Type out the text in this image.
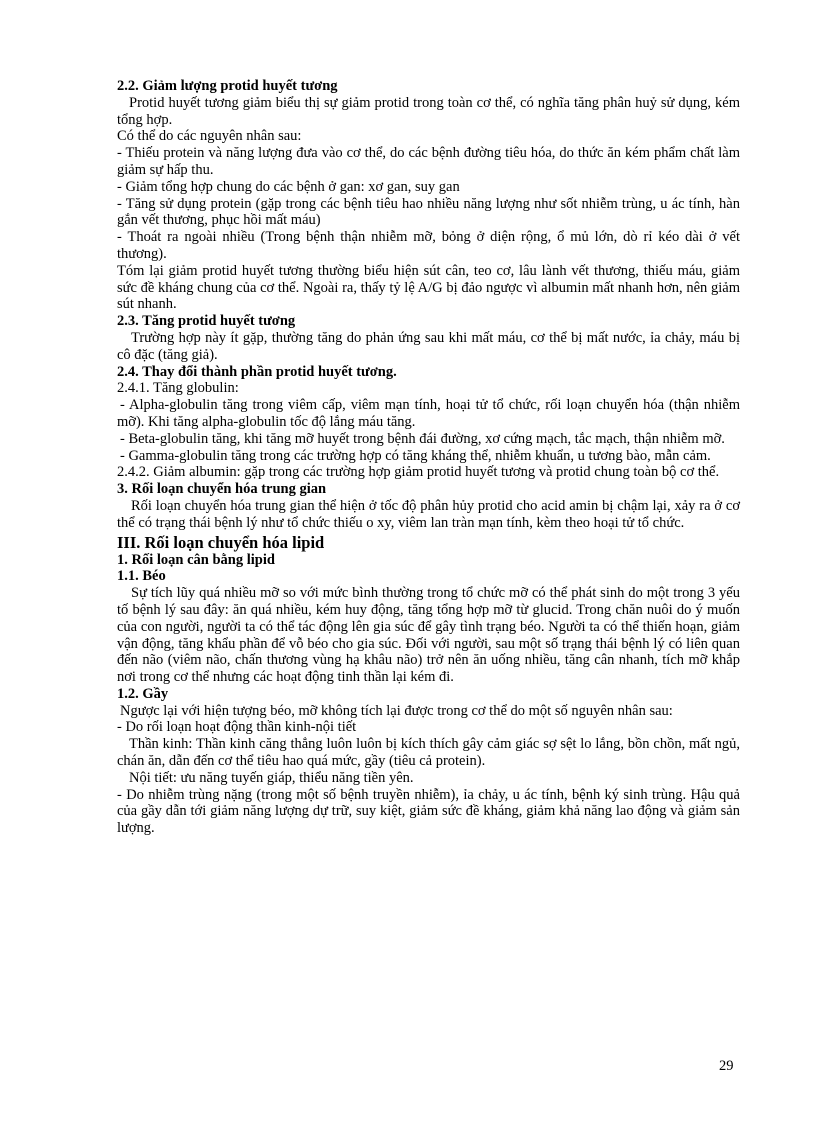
2.2. Giảm lượng protid huyết tương

Protid huyết tương giảm biểu thị sự giảm protid trong toàn cơ thể, có nghĩa tăng phân huỷ sử dụng, kém tổng hợp.

Có thể do các nguyên nhân sau:

- Thiếu protein và năng lượng đưa vào cơ thể, do các bệnh đường tiêu hóa, do thức ăn kém phẩm chất làm giảm sự hấp thu.

- Giảm tổng hợp chung do các bệnh ở gan: xơ gan, suy gan

- Tăng sử dụng protein (gặp trong các bệnh tiêu hao nhiều năng lượng như sốt nhiễm trùng, u ác tính, hàn gắn vết thương, phục hồi mất máu)

- Thoát ra ngoài nhiều (Trong bệnh thận nhiễm mỡ, bỏng ở diện rộng, ổ mủ lớn, dò rỉ kéo dài ở vết thương).

Tóm lại giảm protid huyết tương thường biểu hiện sút cân, teo cơ, lâu lành vết thương, thiếu máu, giảm sức đề kháng chung của cơ thể. Ngoài ra, thấy tỷ lệ A/G bị đảo ngược vì albumin mất nhanh hơn, nên giảm sút nhanh.

2.3. Tăng protid huyết tương

Trường hợp này ít gặp, thường tăng do phản ứng sau khi mất máu, cơ thể bị mất nước, ỉa chảy, máu bị cô đặc (tăng giả).

2.4. Thay đổi thành phần protid huyết tương.

2.4.1. Tăng globulin:

- Alpha-globulin tăng trong viêm cấp, viêm mạn tính, hoại tử tổ chức, rối loạn chuyển hóa (thận nhiễm mỡ). Khi tăng alpha-globulin tốc độ lắng máu tăng.

- Beta-globulin tăng, khi tăng mỡ huyết trong bệnh đái đường, xơ cứng mạch, tắc mạch, thận nhiễm mỡ.

- Gamma-globulin tăng trong các trường hợp có tăng kháng thể, nhiễm khuẩn, u tương bào, mẫn cảm.

2.4.2. Giảm albumin: gặp trong các trường hợp giảm protid huyết tương và protid chung toàn bộ cơ thể.

3. Rối loạn chuyển hóa trung gian

Rối loạn chuyển hóa trung gian thể hiện ở tốc độ phân hủy protid cho acid amin bị chậm lại, xảy ra ở cơ thể có trạng thái bệnh lý như tổ chức thiếu o xy, viêm lan tràn mạn tính, kèm theo hoại tử tổ chức.

III. Rối loạn chuyển hóa lipid
1. Rối loạn cân bằng lipid
1.1. Béo

Sự tích lũy quá nhiều mỡ so với mức bình thường trong tổ chức mỡ có thể phát sinh do một trong 3 yếu tố bệnh lý sau đây: ăn quá nhiều, kém huy động, tăng tổng hợp mỡ từ glucid. Trong chăn nuôi do ý muốn của con người, người ta có thể tác động lên gia súc để gây tình trạng béo. Người ta có thể thiến hoạn, giảm vận động, tăng khẩu phần để vỗ béo cho gia súc. Đối với người, sau một số trạng thái bệnh lý có liên quan đến não (viêm não, chấn thương vùng hạ khâu não) trở nên ăn uống nhiều, tăng cân nhanh, tích mỡ khắp nơi trong cơ thể nhưng các hoạt động tinh thần lại kém đi.

1.2. Gầy

Ngược lại với hiện tượng béo, mỡ không tích lại được trong cơ thể do một số nguyên nhân sau:

- Do rối loạn hoạt động thần kinh-nội tiết

Thần kinh: Thần kinh căng thẳng luôn luôn bị kích thích gây cảm giác sợ sệt lo lắng, bồn chồn, mất ngủ, chán ăn, dẫn đến cơ thể tiêu hao quá mức, gầy (tiêu cả protein).

Nội tiết: ưu năng tuyến giáp, thiểu năng tiền yên.

- Do nhiễm trùng nặng (trong một số bệnh truyền nhiễm), ỉa chảy, u ác tính, bệnh ký sinh trùng. Hậu quả của gầy dẫn tới giảm năng lượng dự trữ, suy kiệt, giảm sức đề kháng, giảm khả năng lao động và giảm sản lượng.

29
